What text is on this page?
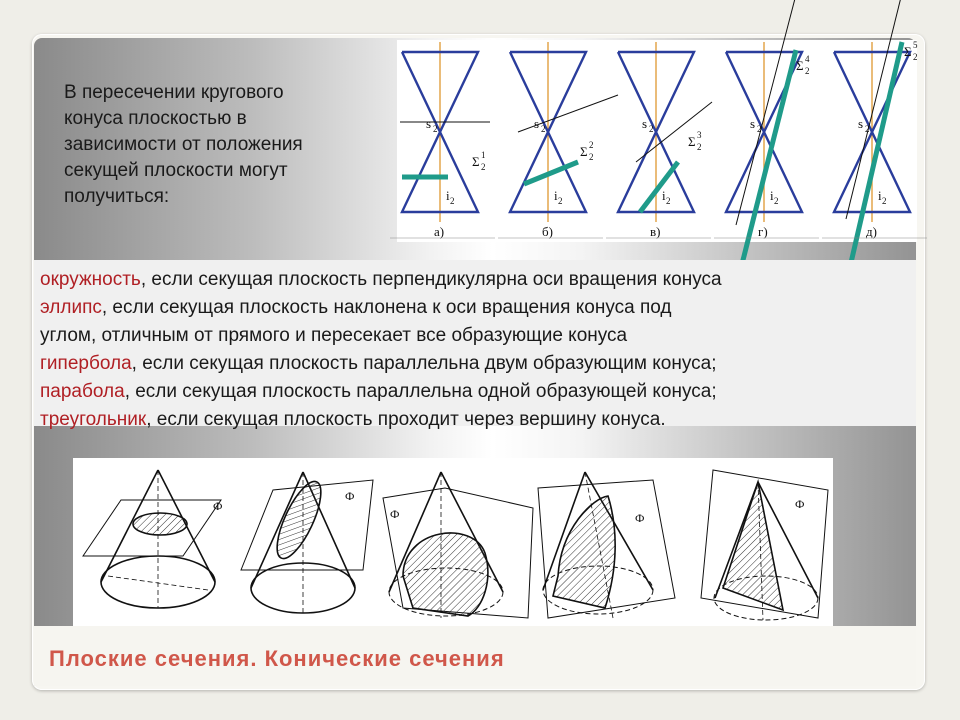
В пересечении кругового
конуса плоскостью в
зависимости от положения
секущей плоскости могут
получиться:
s 2
i 2
Σ 1
2
а)
s 2
i 2
Σ 2
2
б)
s 2
i 2
Σ 3
2
в)
s 2
i 2
Σ 4
2
г)
s 2
i 2
Σ 5
2
д)
окружность, если секущая плоскость перпендикулярна оси вращения конуса
эллипс, если секущая плоскость наклонена к оси вращения конуса под
углом, отличным от прямого и пересекает все образующие конуса
гипербола, если секущая плоскость параллельна двум образующим конуса;
парабола, если секущая плоскость параллельна одной образующей конуса;
треугольник, если секущая плоскость проходит через вершину конуса.
Ф
Ф
Ф	Ф
Ф
Плоские сечения. Конические сечения
